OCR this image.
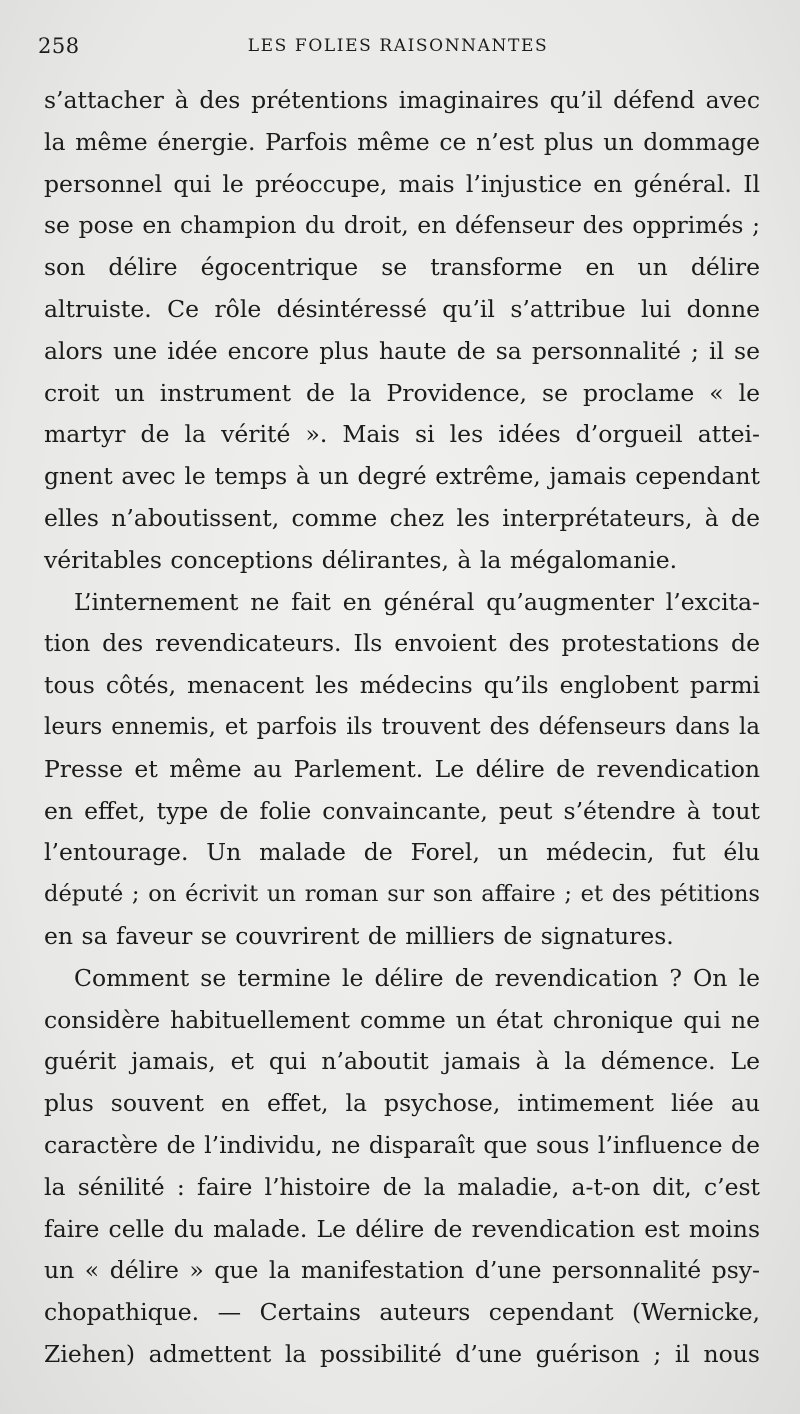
258	LES FOLIES RAISONNANTES

s’attacher à des prétentions imaginaires qu’il défend avec
la même énergie. Parfois même ce n’est plus un dommage
personnel qui le préoccupe, mais l’injustice en général. Il
se pose en champion du droit, en défenseur des opprimés ;
son délire égocentrique se transforme en un délire
altruiste. Ce rôle désintéressé qu’il s’attribue lui donne
alors une idée encore plus haute de sa personnalité ; il se
croit un instrument de la Providence, se proclame « le
martyr de la vérité ». Mais si les idées d’orgueil attei-
gnent avec le temps à un degré extrême, jamais cependant
elles n’aboutissent, comme chez les interprétateurs, à de
véritables conceptions délirantes, à la mégalomanie.

L’internement ne fait en général qu’augmenter l’excita-
tion des revendicateurs. Ils envoient des protestations de
tous côtés, menacent les médecins qu’ils englobent parmi
leurs ennemis, et parfois ils trouvent des défenseurs dans la
Presse et même au Parlement. Le délire de revendication
en effet, type de folie convaincante, peut s’étendre à tout
l’entourage. Un malade de Forel, un médecin, fut élu
député ; on écrivit un roman sur son affaire ; et des pétitions
en sa faveur se couvrirent de milliers de signatures.

Comment se termine le délire de revendication ? On le
considère habituellement comme un état chronique qui ne
guérit jamais, et qui n’aboutit jamais à la démence. Le
plus souvent en effet, la psychose, intimement liée au
caractère de l’individu, ne disparaît que sous l’influence de
la sénilité : faire l’histoire de la maladie, a-t-on dit, c’est
faire celle du malade. Le délire de revendication est moins
un « délire » que la manifestation d’une personnalité psy-
chopathique. — Certains auteurs cependant (Wernicke,
Ziehen) admettent la possibilité d’une guérison ; il nous
